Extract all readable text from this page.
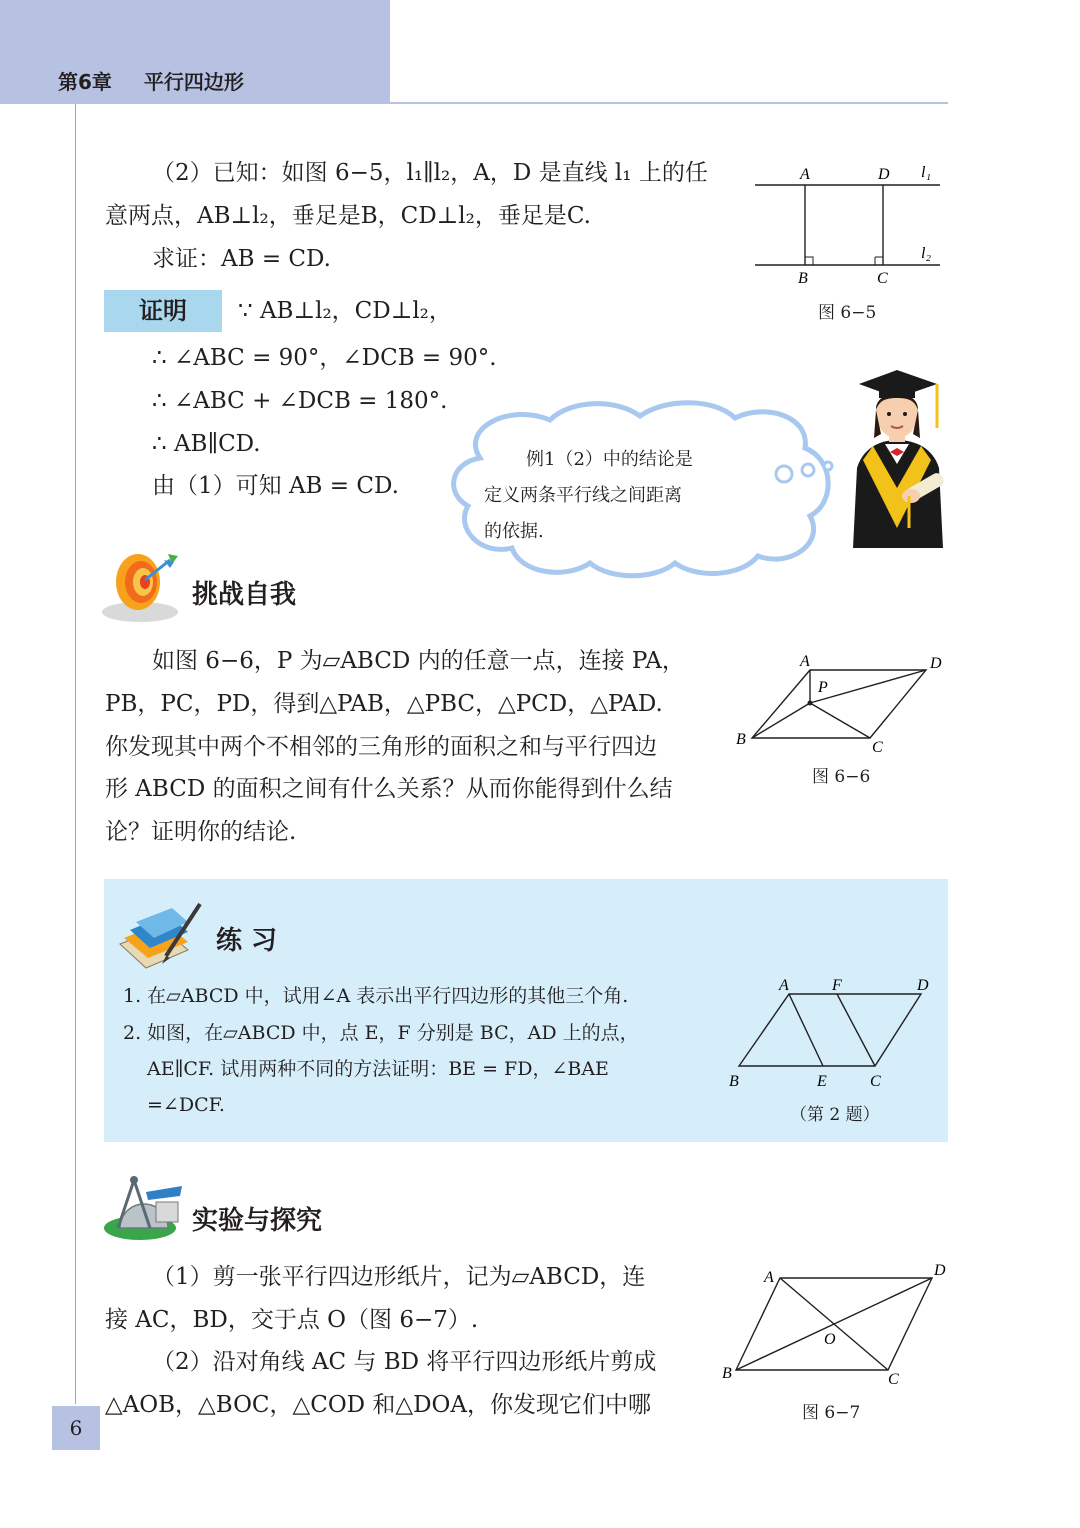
第6章 平行四边形
（2）已知：如图 6−5，l₁∥l₂，A，D 是直线 l₁ 上的任
意两点，AB⊥l₂，垂足是B，CD⊥l₂，垂足是C.
求证：AB = CD.
证明	∵ AB⊥l₂，CD⊥l₂，
∴ ∠ABC = 90°，∠DCB = 90°.
∴ ∠ABC + ∠DCB = 180°.
∴ AB∥CD.
由（1）可知 AB = CD.
A	D l₁
B	C
l₂
图 6−5
例1（2）中的结论是
定义两条平行线之间距离
的依据.
挑战自我
如图 6−6，P 为▱ABCD 内的任意一点，连接 PA，
PB，PC，PD，得到△PAB，△PBC，△PCD，△PAD.
你发现其中两个不相邻的三角形的面积之和与平行四边
形 ABCD 的面积之间有什么关系？从而你能得到什么结
论？证明你的结论.
A	D
P
B	C
图 6−6
练 习
1. 在▱ABCD 中，试用∠A 表示出平行四边形的其他三个角.
2. 如图，在▱ABCD 中，点 E，F 分别是 BC，AD 上的点，
AE∥CF. 试用两种不同的方法证明：BE = FD，∠BAE
=∠DCF.
A	F	D
B	E	C
（第 2 题）
实验与探究
（1）剪一张平行四边形纸片，记为▱ABCD，连
接 AC，BD，交于点 O（图 6−7）.
（2）沿对角线 AC 与 BD 将平行四边形纸片剪成
△AOB，△BOC，△COD 和△DOA，你发现它们中哪
A	D
O
B	C
图 6−7
6
